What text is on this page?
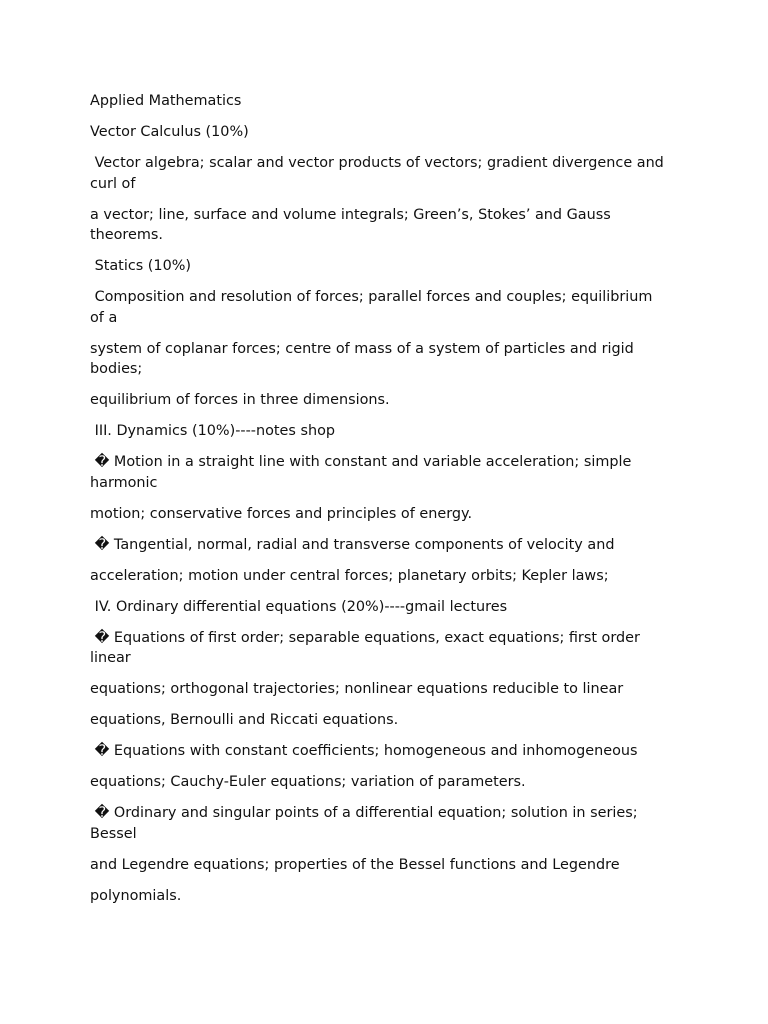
Applied Mathematics

Vector Calculus (10%)

Vector algebra; scalar and vector products of vectors; gradient divergence and curl of

a vector; line, surface and volume integrals; Green’s, Stokes’ and Gauss theorems.

Statics (10%)

Composition and resolution of forces; parallel forces and couples; equilibrium of a

system of coplanar forces; centre of mass of a system of particles and rigid bodies;

equilibrium of forces in three dimensions.

III. Dynamics (10%)----notes shop

� Motion in a straight line with constant and variable acceleration; simple harmonic

motion; conservative forces and principles of energy.

� Tangential, normal, radial and transverse components of velocity and

acceleration; motion under central forces; planetary orbits; Kepler laws;

IV. Ordinary differential equations (20%)----gmail lectures

� Equations of first order; separable equations, exact equations; first order linear

equations; orthogonal trajectories; nonlinear equations reducible to linear

equations, Bernoulli and Riccati equations.

� Equations with constant coefficients; homogeneous and inhomogeneous

equations; Cauchy-Euler equations; variation of parameters.

� Ordinary and singular points of a differential equation; solution in series; Bessel

and Legendre equations; properties of the Bessel functions and Legendre

polynomials.
